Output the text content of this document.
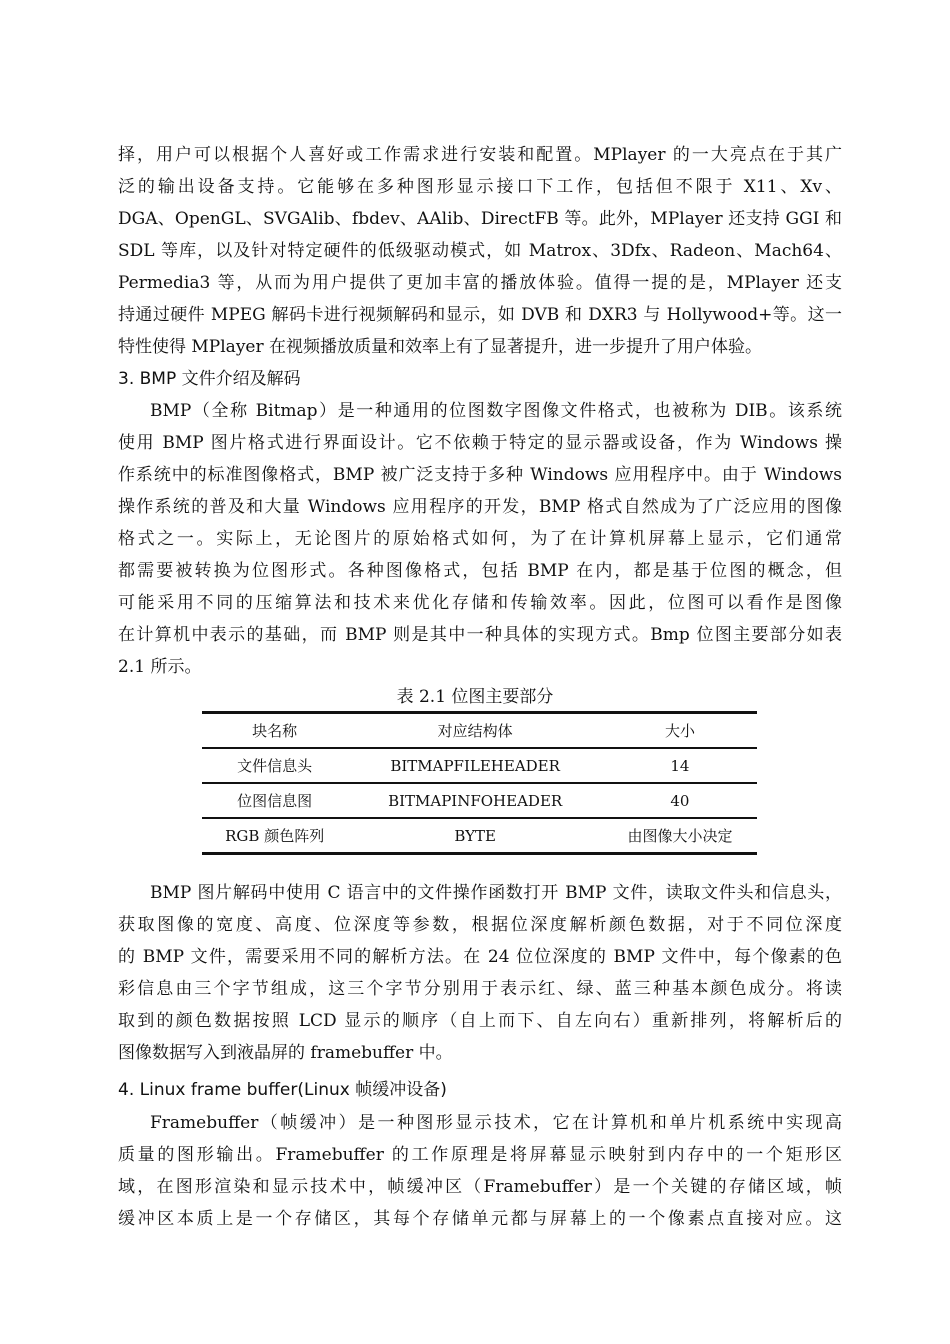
择，用户可以根据个人喜好或工作需求进行安装和配置。MPlayer 的一大亮点在于其广
泛的输出设备支持。它能够在多种图形显示接口下工作，包括但不限于 X11、Xv、
DGA、OpenGL、SVGAlib、fbdev、AAlib、DirectFB 等。此外，MPlayer 还支持 GGI 和
SDL 等库，以及针对特定硬件的低级驱动模式，如 Matrox、3Dfx、Radeon、Mach64、
Permedia3 等，从而为用户提供了更加丰富的播放体验。值得一提的是，MPlayer 还支
持通过硬件 MPEG 解码卡进行视频解码和显示，如 DVB 和 DXR3 与 Hollywood+等。这一
特性使得 MPlayer 在视频播放质量和效率上有了显著提升，进一步提升了用户体验。
3. BMP 文件介绍及解码
BMP（全称 Bitmap）是一种通用的位图数字图像文件格式，也被称为 DIB。该系统
使用 BMP 图片格式进行界面设计。它不依赖于特定的显示器或设备，作为 Windows 操
作系统中的标准图像格式，BMP 被广泛支持于多种 Windows 应用程序中。由于 Windows
操作系统的普及和大量 Windows 应用程序的开发，BMP 格式自然成为了广泛应用的图像
格式之一。实际上，无论图片的原始格式如何，为了在计算机屏幕上显示，它们通常
都需要被转换为位图形式。各种图像格式，包括 BMP 在内，都是基于位图的概念，但
可能采用不同的压缩算法和技术来优化存储和传输效率。因此，位图可以看作是图像
在计算机中表示的基础，而 BMP 则是其中一种具体的实现方式。Bmp 位图主要部分如表
2.1 所示。
表 2.1 位图主要部分
块名称	对应结构体	大小
文件信息头	BITMAPFILEHEADER	14
位图信息图	BITMAPINFOHEADER	40
RGB 颜色阵列	BYTE	由图像大小决定
BMP 图片解码中使用 C 语言中的文件操作函数打开 BMP 文件，读取文件头和信息头，
获取图像的宽度、高度、位深度等参数，根据位深度解析颜色数据，对于不同位深度
的 BMP 文件，需要采用不同的解析方法。在 24 位位深度的 BMP 文件中，每个像素的色
彩信息由三个字节组成，这三个字节分别用于表示红、绿、蓝三种基本颜色成分。将读
取到的颜色数据按照 LCD 显示的顺序（自上而下、自左向右）重新排列，将解析后的
图像数据写入到液晶屏的 framebuffer 中。
4. Linux frame buffer(Linux 帧缓冲设备)
Framebuffer（帧缓冲）是一种图形显示技术，它在计算机和单片机系统中实现高
质量的图形输出。Framebuffer 的工作原理是将屏幕显示映射到内存中的一个矩形区
域，在图形渲染和显示技术中，帧缓冲区（Framebuffer）是一个关键的存储区域，帧
缓冲区本质上是一个存储区，其每个存储单元都与屏幕上的一个像素点直接对应。这
